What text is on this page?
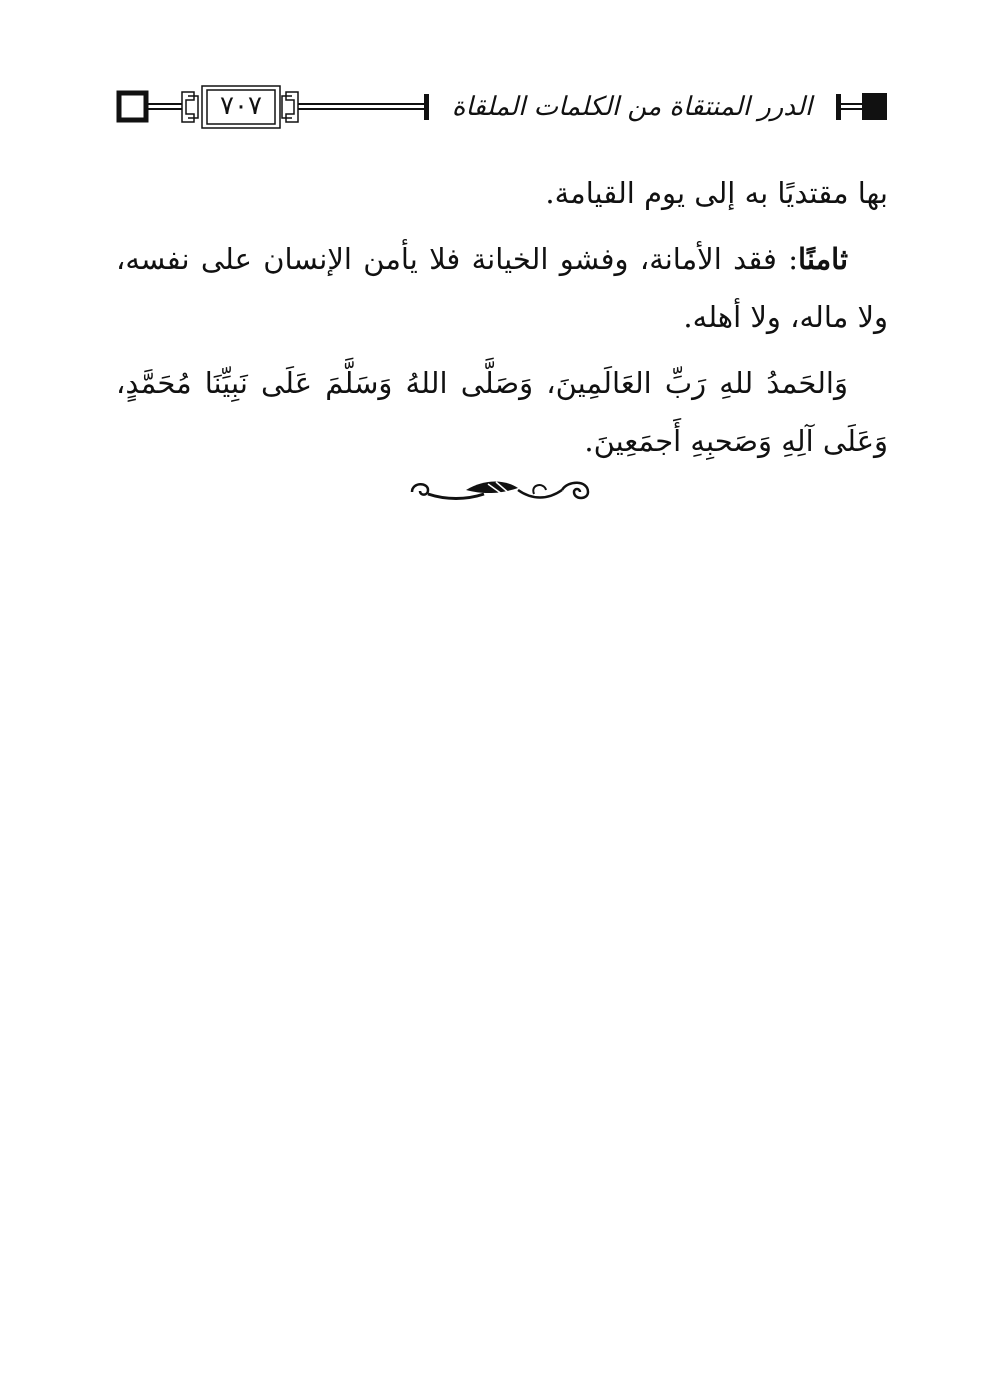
٧٠٧	الدرر المنتقاة من الكلمات الملقاة

بها مقتديًا به إلى يوم القيامة.

ثامنًا: فقد الأمانة، وفشو الخيانة فلا يأمن الإنسان على نفسه، ولا ماله، ولا أهله.

وَالحَمدُ للهِ رَبِّ العَالَمِينَ، وَصَلَّى اللهُ وَسَلَّمَ عَلَى نَبِيِّنَا مُحَمَّدٍ، وَعَلَى آلِهِ وَصَحبِهِ أَجمَعِينَ.
